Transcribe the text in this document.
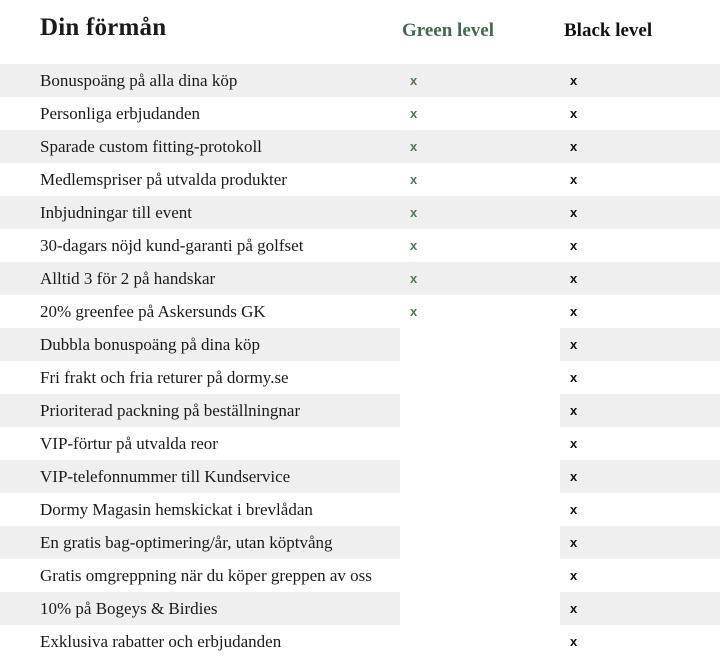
Din förmån	Green level	Black level
Bonuspoäng på alla dina köp	x	x
Personliga erbjudanden	x	x
Sparade custom fitting-protokoll	x	x
Medlemspriser på utvalda produkter	x	x
Inbjudningar till event	x	x
30-dagars nöjd kund-garanti på golfset	x	x
Alltid 3 för 2 på handskar	x	x
20% greenfee på Askersunds GK	x	x
Dubbla bonuspoäng på dina köp		x
Fri frakt och fria returer på dormy.se		x
Prioriterad packning på beställningnar		x
VIP-förtur på utvalda reor		x
VIP-telefonnummer till Kundservice		x
Dormy Magasin hemskickat i brevlådan		x
En gratis bag-optimering/år, utan köptvång		x
Gratis omgreppning när du köper greppen av oss		x
10% på Bogeys & Birdies		x
Exklusiva rabatter och erbjudanden		x
